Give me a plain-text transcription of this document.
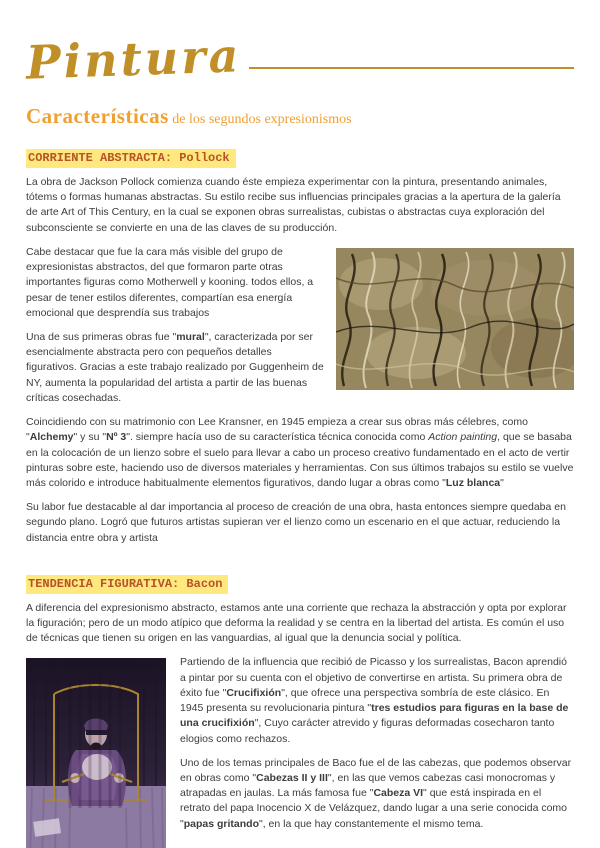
Pintura
Características de los segundos expresionismos
CORRIENTE ABSTRACTA: Pollock

La obra de Jackson Pollock comienza cuando éste empieza experimentar con la pintura, presentando animales, tótems o formas humanas abstractas. Su estilo recibe sus influencias principales gracias a la apertura de la galería de arte Art of This Century, en la cual se exponen obras surrealistas, cubistas o abstractas cuya exploración del subconsciente se convierte en una de las claves de su producción.

Cabe destacar que fue la cara más visible del grupo de expresionistas abstractos, del que formaron parte otras importantes figuras como Motherwell y kooning. todos ellos, a pesar de tener estilos diferentes, compartían esa energía emocional que desprendía sus trabajos

Una de sus primeras obras fue "mural", caracterizada por ser esencialmente abstracta pero con pequeños detalles figurativos. Gracias a este trabajo realizado por Guggenheim de NY, aumenta la popularidad del artista a partir de las buenas críticas cosechadas.

Coincidiendo con su matrimonio con Lee Kransner, en 1945 empieza a crear sus obras más célebres, como "Alchemy" y su "Nº 3". siempre hacía uso de su característica técnica conocida como Action painting, que se basaba en la colocación de un lienzo sobre el suelo para llevar a cabo un proceso creativo fundamentado en el acto de vertir pinturas sobre este, haciendo uso de diversos materiales y herramientas. Con sus últimos trabajos su estilo se vuelve más colorido e introduce habitualmente elementos figurativos, dando lugar a obras como "Luz blanca"

Su labor fue destacable al dar importancia al proceso de creación de una obra, hasta entonces siempre quedaba en segundo plano. Logró que futuros artistas supieran ver el lienzo como un escenario en el que actuar, reduciendo la distancia entre obra y artista

TENDENCIA FIGURATIVA: Bacon

A diferencia del expresionismo abstracto, estamos ante una corriente que rechaza la abstracción y opta por explorar la figuración; pero de un modo atípico que deforma la realidad y se centra en la libertad del artista. Es común el uso de técnicas que tienen su origen en las vanguardias, al igual que la denuncia social y política.

Partiendo de la influencia que recibió de Picasso y los surrealistas, Bacon aprendió a pintar por su cuenta con el objetivo de convertirse en artista. Su primera obra de éxito fue "Crucifixión", que ofrece una perspectiva sombría de este clásico. En 1945 presenta su revolucionaria pintura "tres estudios para figuras en la base de una crucifixión", Cuyo carácter atrevido y figuras deformadas cosecharon tanto elogios como rechazos.

Uno de los temas principales de Baco fue el de las cabezas, que podemos observar en obras como "Cabezas II y III", en las que vemos cabezas casi monocromas y atrapadas en jaulas. La más famosa fue "Cabeza VI" que está inspirada en el retrato del papa Inocencio X de Velázquez, dando lugar a una serie conocida como "papas gritando", en la que hay constantemente el mismo tema.
